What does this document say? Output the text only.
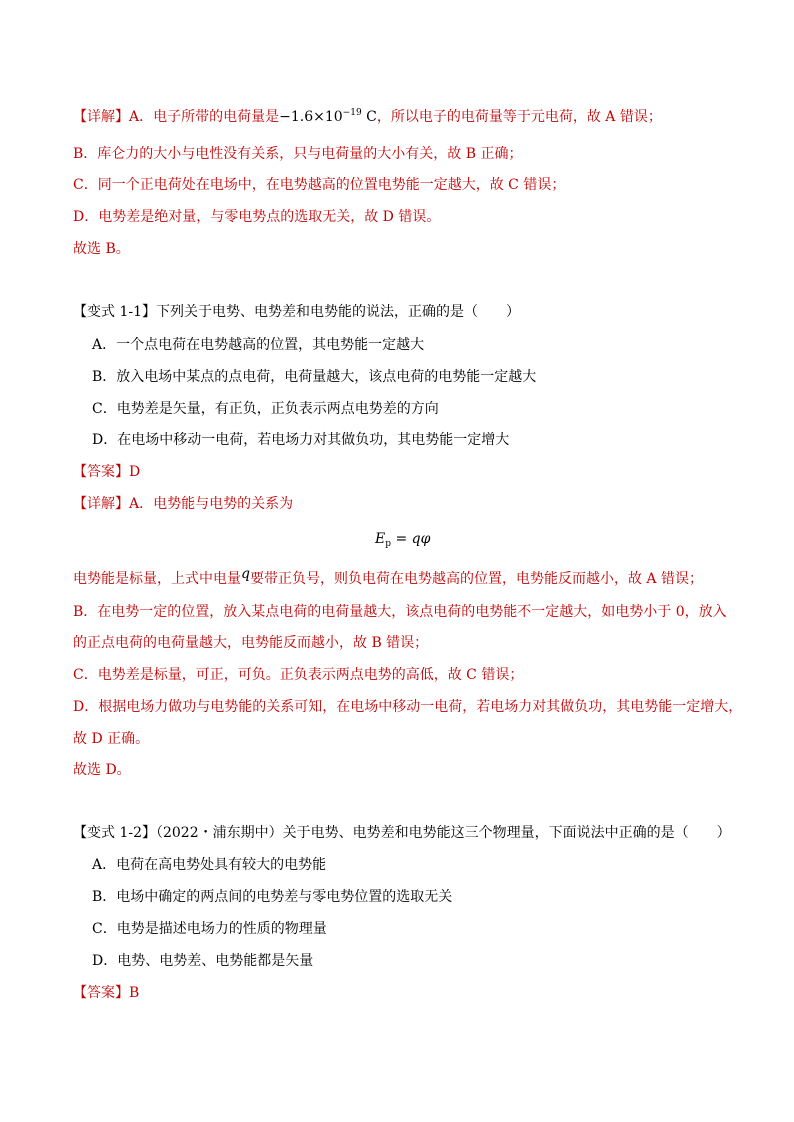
【详解】A．电子所带的电荷量是$-1.6\times 10^{-19}$ C，所以电子的电荷量等于元电荷，故 A 错误；
B．库仑力的大小与电性没有关系，只与电荷量的大小有关，故 B 正确；
C．同一个正电荷处在电场中，在电势越高的位置电势能一定越大，故 C 错误；
D．电势差是绝对量，与零电势点的选取无关，故 D 错误。
故选 B。
【变式 1-1】下列关于电势、电势差和电势能的说法，正确的是（　　）
A．一个点电荷在电势越高的位置，其电势能一定越大
B．放入电场中某点的点电荷，电荷量越大，该点电荷的电势能一定越大
C．电势差是矢量，有正负，正负表示两点电势差的方向
D．在电场中移动一电荷，若电场力对其做负功，其电势能一定增大
【答案】D
【详解】A．电势能与电势的关系为
$E_p = q\varphi$
电势能是标量，上式中电量q要带正负号，则负电荷在电势越高的位置，电势能反而越小，故 A 错误；
B．在电势一定的位置，放入某点电荷的电荷量越大，该点电荷的电势能不一定越大，如电势小于 0，放入
的正点电荷的电荷量越大，电势能反而越小，故 B 错误；
C．电势差是标量，可正，可负。正负表示两点电势的高低，故 C 错误；
D．根据电场力做功与电势能的关系可知，在电场中移动一电荷，若电场力对其做负功，其电势能一定增大，
故 D 正确。
故选 D。
【变式 1-2】（2022・浦东期中）关于电势、电势差和电势能这三个物理量，下面说法中正确的是（　　）
A．电荷在高电势处具有较大的电势能
B．电场中确定的两点间的电势差与零电势位置的选取无关
C．电势是描述电场力的性质的物理量
D．电势、电势差、电势能都是矢量
【答案】B
